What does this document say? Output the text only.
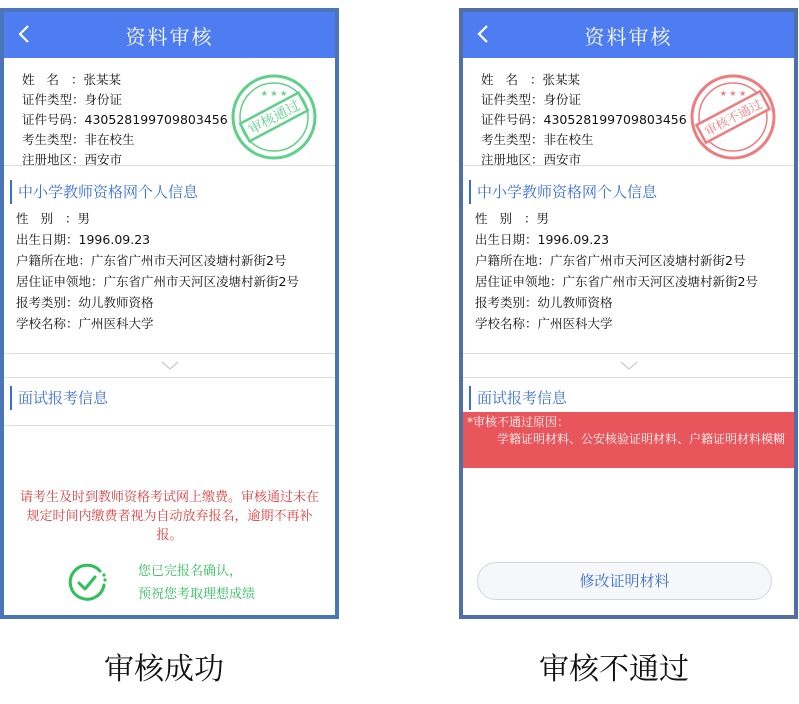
资料审核
姓名：张某某
证件类型：身份证
证件号码：430528199709803456
考生类型：非在校生
注册地区：西安市
审核通过
★ ★ ★
中小学教师资格网个人信息
性别：男
出生日期：1996.09.23
户籍所在地：广东省广州市天河区凌塘村新街2号
居住证申领地：广东省广州市天河区凌塘村新街2号
报考类别：幼儿教师资格
学校名称：广州医科大学
面试报考信息
请考生及时到教师资格考试网上缴费。审核通过未在规定时间内缴费者视为自动放弃报名，逾期不再补报。
您已完报名确认，
预祝您考取理想成绩
资料审核
姓名：张某某
证件类型：身份证
证件号码：430528199709803456
考生类型：非在校生
注册地区：西安市
审核不通过
★ ★ ★
中小学教师资格网个人信息
性别：男
出生日期：1996.09.23
户籍所在地：广东省广州市天河区凌塘村新街2号
居住证申领地：广东省广州市天河区凌塘村新街2号
报考类别：幼儿教师资格
学校名称：广州医科大学
面试报考信息
*审核不通过原因：
学籍证明材料、公安核验证明材料、户籍证明材料模糊
修改证明材料
审核成功	审核不通过
